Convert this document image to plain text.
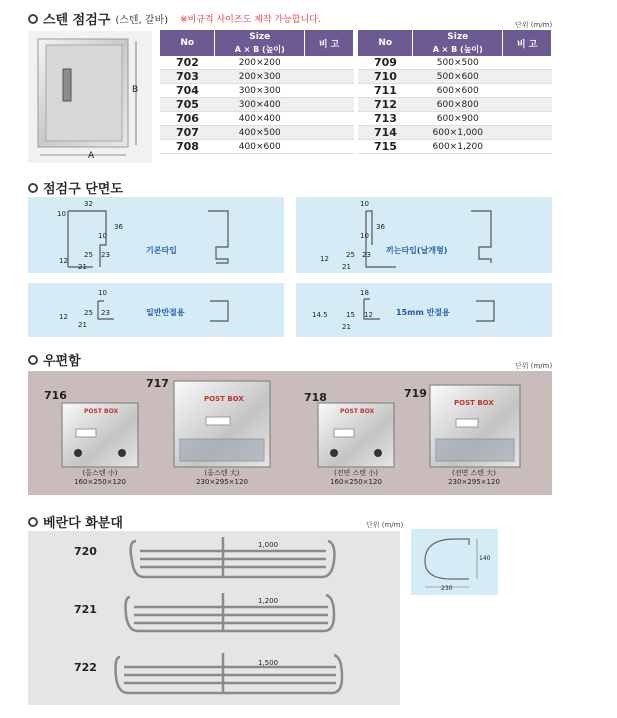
스텐 점검구 (스텐, 갈바) ※비규격 사이즈도 제작 가능합니다.	단위 (m/m)
A
B
No	Size	비 고
	A × B (높이)	
702	200×200	
703	200×300	
704	300×300	
705	300×400	
706	400×400	
707	400×500	
708	400×600	
No	Size	비 고
	A × B (높이)	
709	500×500	
710	500×600	
711	600×600	
712	600×800	
713	600×900	
714	600×1,000	
715	600×1,200	
점검구 단면도
기본타입
10
32
36
10
12
25 23
21
끼는타입(날개형)
10
36
10
12 25 23
21
일반반절용
10
12 25 23
21
15mm 반절용
18
14.5	15 12
21
우편함	단위 (m/m)
716
717
718	719
POST BOX
POST BOX
POST BOX
POST BOX
(올스텐 小)
160×250×120
(올스텐 大)
230×295×120
(전면 스텐 小)
160×250×120
(전면 스텐 大)
230×295×120
베란다 화분대	단위 (m/m)
720
721
722
1,000
1,200
1,500
230
140
